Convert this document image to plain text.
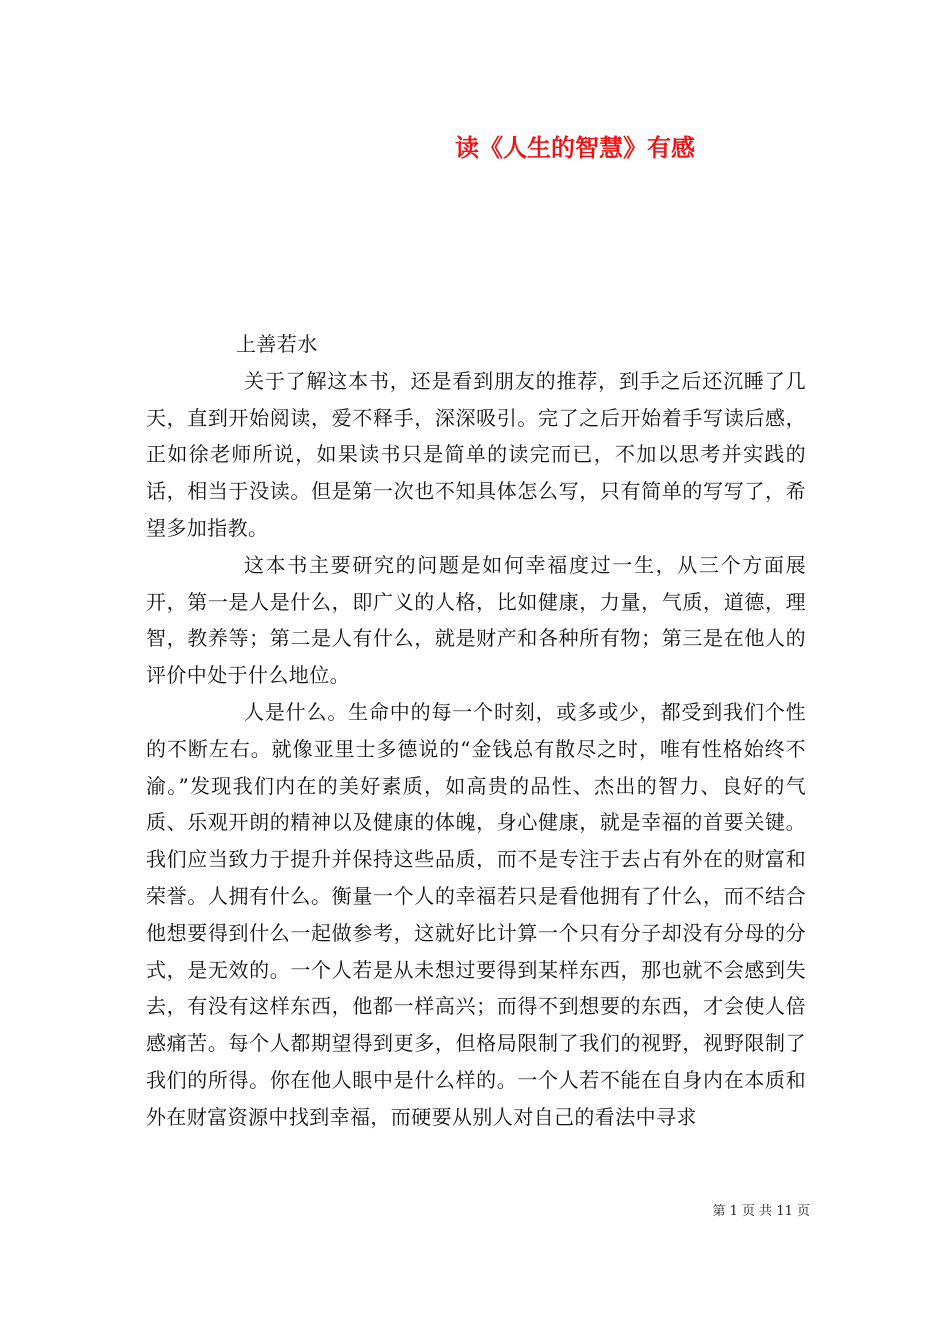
读《人生的智慧》有感

上善若水

关于了解这本书，还是看到朋友的推荐，到手之后还沉睡了几天，直到开始阅读，爱不释手，深深吸引。完了之后开始着手写读后感，正如徐老师所说，如果读书只是简单的读完而已，不加以思考并实践的话，相当于没读。但是第一次也不知具体怎么写，只有简单的写写了，希望多加指教。

这本书主要研究的问题是如何幸福度过一生，从三个方面展开，第一是人是什么，即广义的人格，比如健康，力量，气质，道德，理智，教养等；第二是人有什么，就是财产和各种所有物；第三是在他人的评价中处于什么地位。

人是什么。生命中的每一个时刻，或多或少，都受到我们个性的不断左右。就像亚里士多德说的“金钱总有散尽之时，唯有性格始终不渝。”发现我们内在的美好素质，如高贵的品性、杰出的智力、良好的气质、乐观开朗的精神以及健康的体魄，身心健康，就是幸福的首要关键。我们应当致力于提升并保持这些品质，而不是专注于去占有外在的财富和荣誉。人拥有什么。衡量一个人的幸福若只是看他拥有了什么，而不结合他想要得到什么一起做参考，这就好比计算一个只有分子却没有分母的分式，是无效的。一个人若是从未想过要得到某样东西，那也就不会感到失去，有没有这样东西，他都一样高兴；而得不到想要的东西，才会使人倍感痛苦。每个人都期望得到更多，但格局限制了我们的视野，视野限制了我们的所得。你在他人眼中是什么样的。一个人若不能在自身内在本质和外在财富资源中找到幸福，而硬要从别人对自己的看法中寻求

第 1 页 共 11 页
